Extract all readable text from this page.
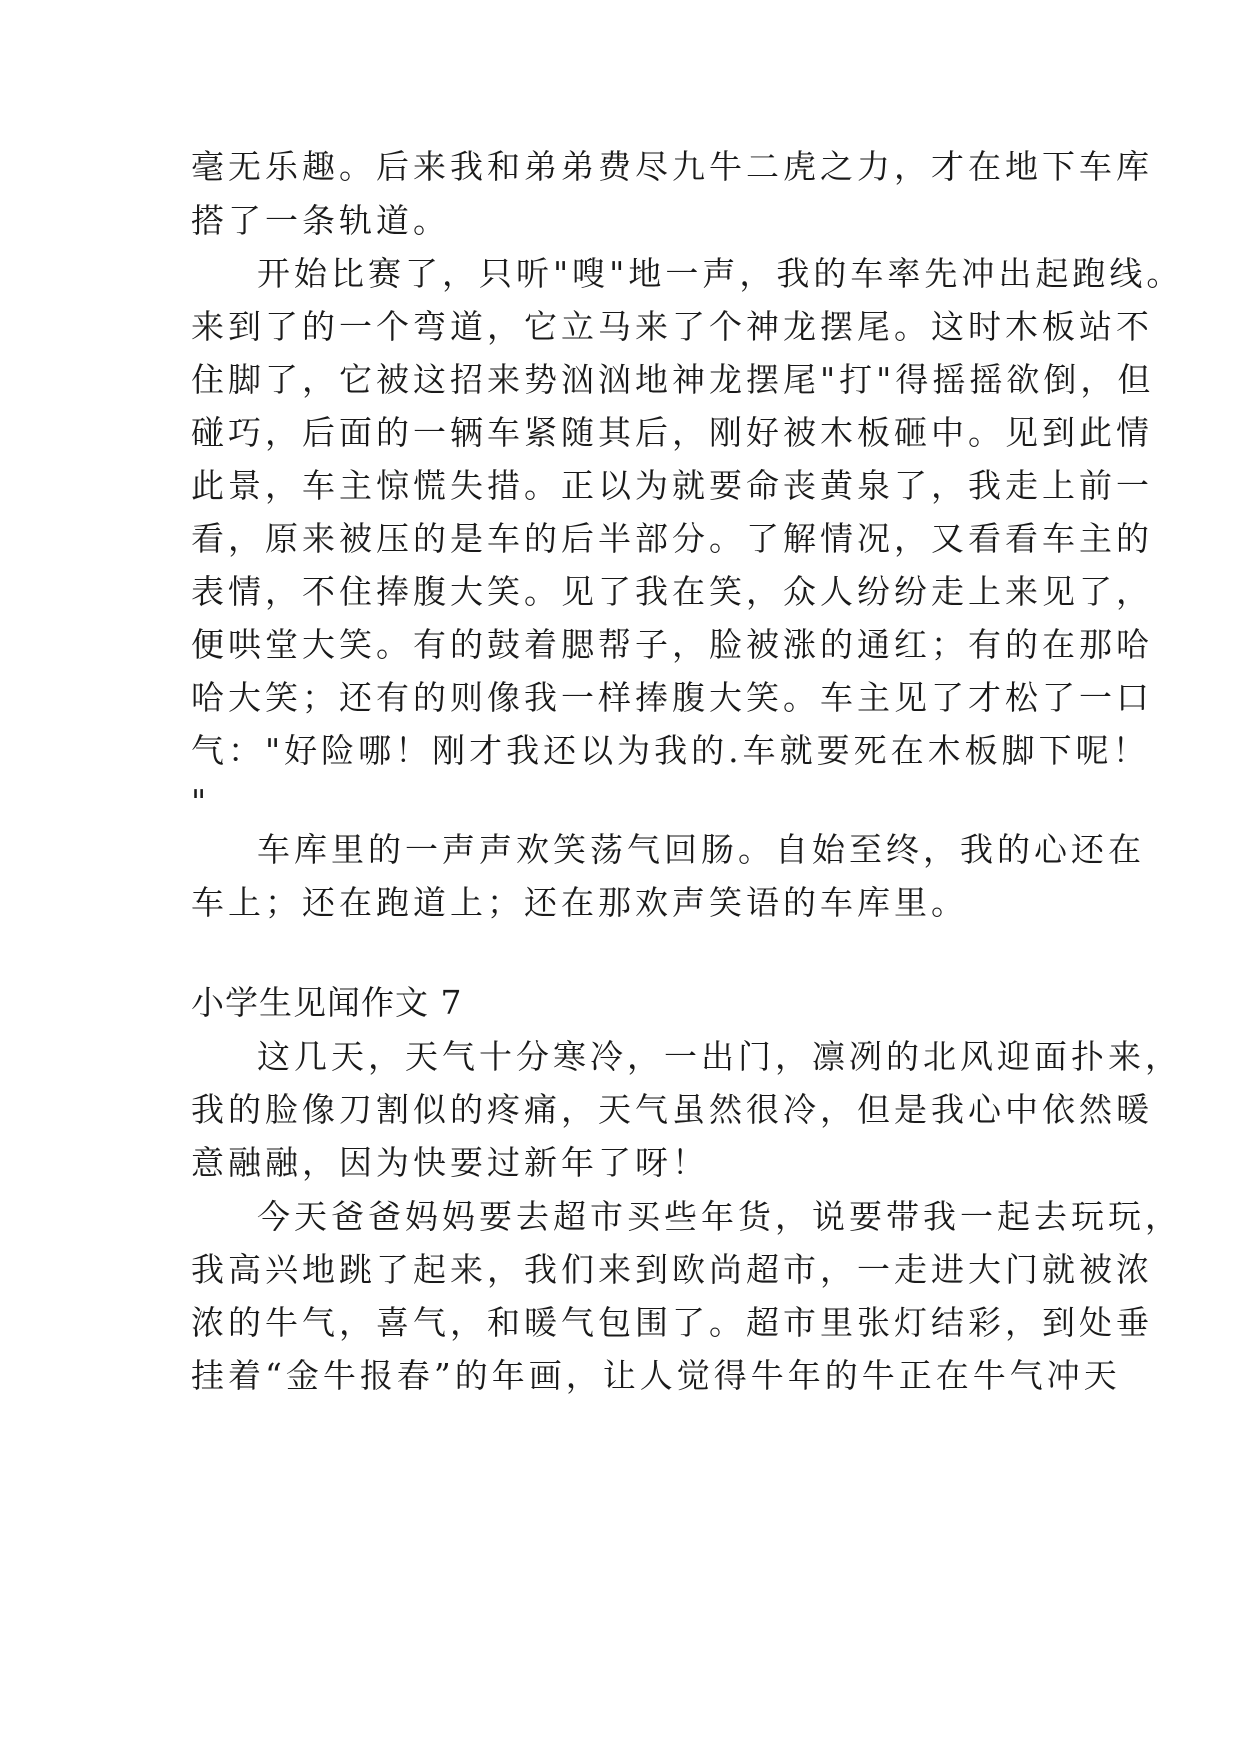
毫无乐趣。后来我和弟弟费尽九牛二虎之力，才在地下车库
搭了一条轨道。
开始比赛了，只听"嗖"地一声，我的车率先冲出起跑线。
来到了的一个弯道，它立马来了个神龙摆尾。这时木板站不
住脚了，它被这招来势汹汹地神龙摆尾"打"得摇摇欲倒，但
碰巧，后面的一辆车紧随其后，刚好被木板砸中。见到此情
此景，车主惊慌失措。正以为就要命丧黄泉了，我走上前一
看，原来被压的是车的后半部分。了解情况，又看看车主的
表情，不住捧腹大笑。见了我在笑，众人纷纷走上来见了，
便哄堂大笑。有的鼓着腮帮子，脸被涨的通红；有的在那哈
哈大笑；还有的则像我一样捧腹大笑。车主见了才松了一口
气："好险哪！刚才我还以为我的.车就要死在木板脚下呢！
"
车库里的一声声欢笑荡气回肠。自始至终，我的心还在
车上；还在跑道上；还在那欢声笑语的车库里。
小学生见闻作文 7
这几天，天气十分寒冷，一出门，凛冽的北风迎面扑来，
我的脸像刀割似的疼痛，天气虽然很冷，但是我心中依然暖
意融融，因为快要过新年了呀！
今天爸爸妈妈要去超市买些年货，说要带我一起去玩玩，
我高兴地跳了起来，我们来到欧尚超市，一走进大门就被浓
浓的牛气，喜气，和暖气包围了。超市里张灯结彩，到处垂
挂着“金牛报春”的年画，让人觉得牛年的牛正在牛气冲天
